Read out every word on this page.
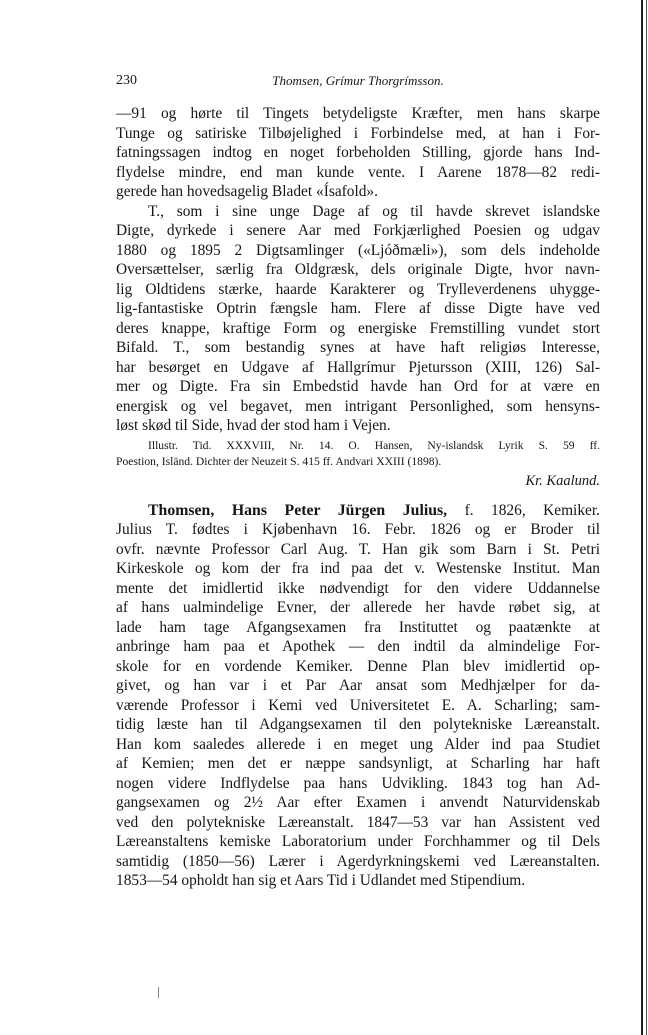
230	Thomsen, Grímur Thorgrímsson.
—91 og hørte til Tingets betydeligste Kræfter, men hans skarpe
Tunge og satiriske Tilbøjelighed i Forbindelse med, at han i For-
fatningssagen indtog en noget forbeholden Stilling, gjorde hans Ind-
flydelse mindre, end man kunde vente. I Aarene 1878—82 redi-
gerede han hovedsagelig Bladet «Ísafold».
T., som i sine unge Dage af og til havde skrevet islandske
Digte, dyrkede i senere Aar med Forkjærlighed Poesien og udgav
1880 og 1895 2 Digtsamlinger («Ljóðmæli»), som dels indeholde
Oversættelser, særlig fra Oldgræsk, dels originale Digte, hvor navn-
lig Oldtidens stærke, haarde Karakterer og Trylleverdenens uhygge-
lig-fantastiske Optrin fængsle ham. Flere af disse Digte have ved
deres knappe, kraftige Form og energiske Fremstilling vundet stort
Bifald. T., som bestandig synes at have haft religiøs Interesse,
har besørget en Udgave af Hallgrímur Pjetursson (XIII, 126) Sal-
mer og Digte. Fra sin Embedstid havde han Ord for at være en
energisk og vel begavet, men intrigant Personlighed, som hensyns-
løst skød til Side, hvad der stod ham i Vejen.
Illustr. Tid. XXXVIII, Nr. 14. O. Hansen, Ny-islandsk Lyrik S. 59 ff.
Poestion, Isländ. Dichter der Neuzeit S. 415 ff. Andvari XXIII (1898).
Kr. Kaalund.
Thomsen, Hans Peter Jürgen Julius, f. 1826, Kemiker.
Julius T. fødtes i Kjøbenhavn 16. Febr. 1826 og er Broder til
ovfr. nævnte Professor Carl Aug. T. Han gik som Barn i St. Petri
Kirkeskole og kom der fra ind paa det v. Westenske Institut. Man
mente det imidlertid ikke nødvendigt for den videre Uddannelse
af hans ualmindelige Evner, der allerede her havde røbet sig, at
lade ham tage Afgangsexamen fra Instituttet og paatænkte at
anbringe ham paa et Apothek — den indtil da almindelige For-
skole for en vordende Kemiker. Denne Plan blev imidlertid op-
givet, og han var i et Par Aar ansat som Medhjælper for da-
værende Professor i Kemi ved Universitetet E. A. Scharling; sam-
tidig læste han til Adgangsexamen til den polytekniske Læreanstalt.
Han kom saaledes allerede i en meget ung Alder ind paa Studiet
af Kemien; men det er næppe sandsynligt, at Scharling har haft
nogen videre Indflydelse paa hans Udvikling. 1843 tog han Ad-
gangsexamen og 2½ Aar efter Examen i anvendt Naturvidenskab
ved den polytekniske Læreanstalt. 1847—53 var han Assistent ved
Læreanstaltens kemiske Laboratorium under Forchhammer og til Dels
samtidig (1850—56) Lærer i Agerdyrkningskemi ved Læreanstalten.
1853—54 opholdt han sig et Aars Tid i Udlandet med Stipendium.
